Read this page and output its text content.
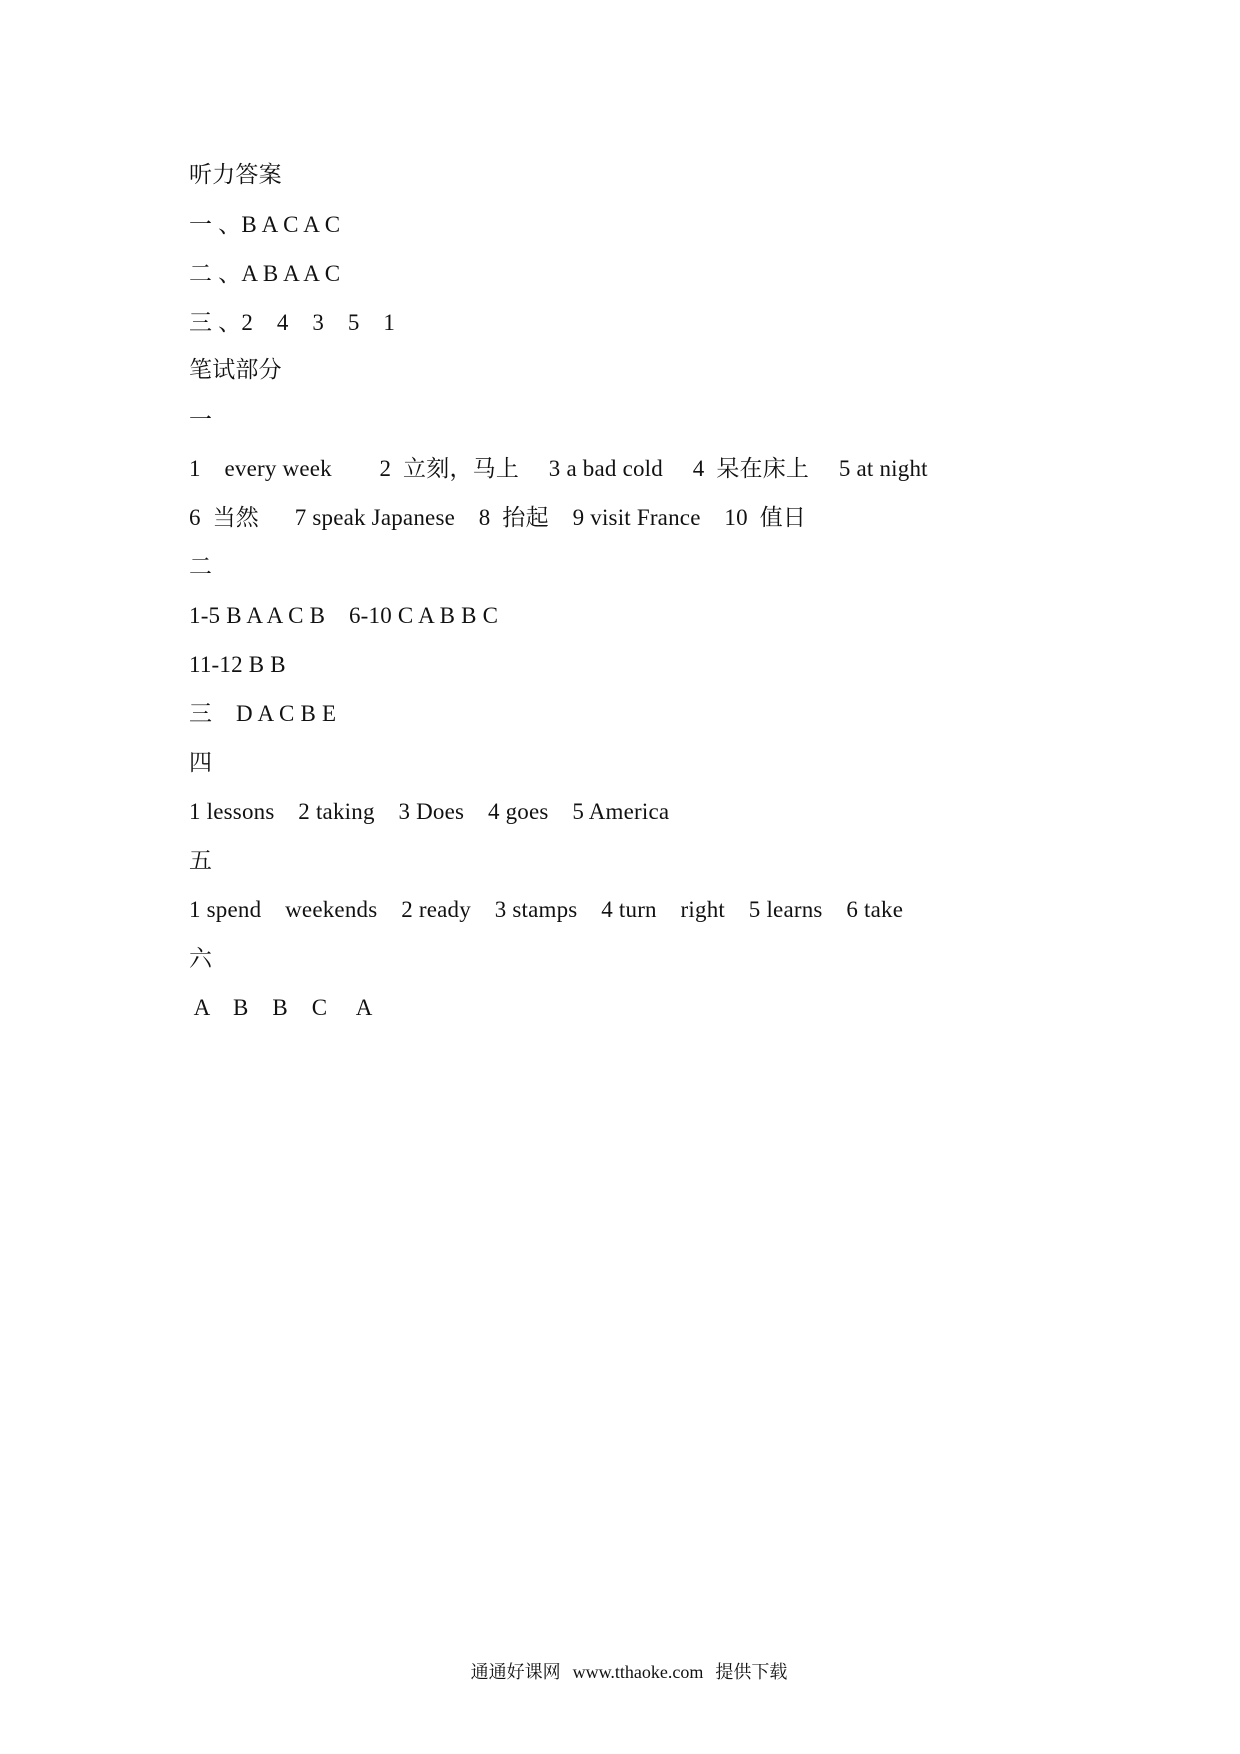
听力答案
一 、B A C A C
二 、A B A A C
三 、2    4    3    5    1
笔试部分
一
1    every week        2  立刻，马上     3 a bad cold     4  呆在床上     5 at night
6  当然      7 speak Japanese    8  抬起    9 visit France    10  值日
二
1-5 B A A C B    6-10 C A B B C
11-12 B B
三    D A C B E
四
1 lessons    2 taking    3 Does    4 goes    5 America
五
1 spend    weekends    2 ready    3 stamps    4 turn    right    5 learns    6 take
六
A    B    B    C     A

通通好课网 www.tthaoke.com 提供下载
